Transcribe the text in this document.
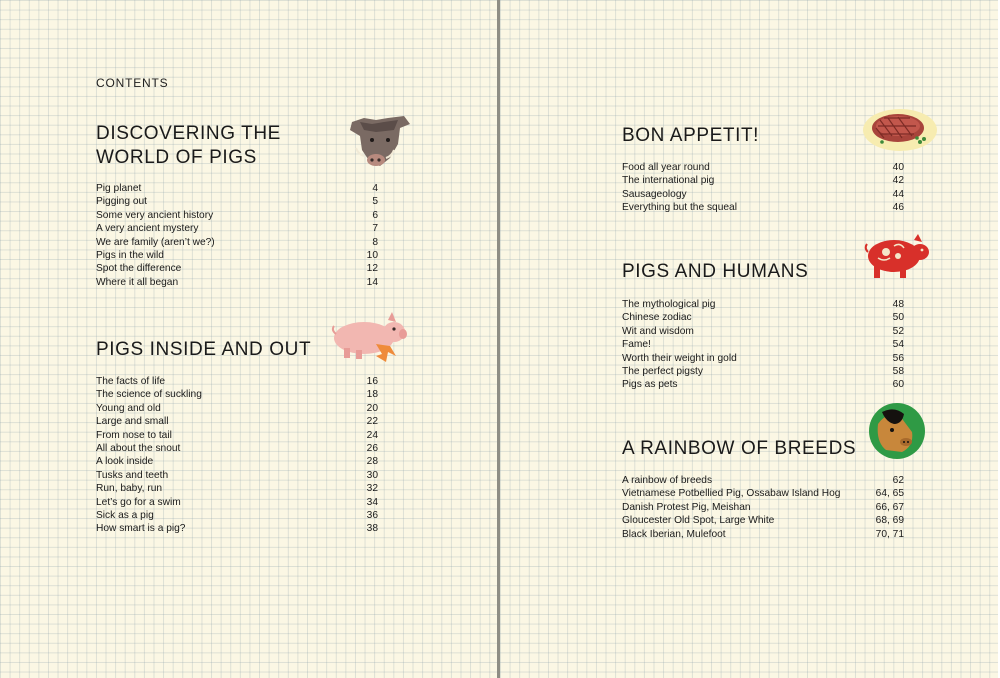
CONTENTS
DISCOVERING THE
WORLD OF PIGS
Pig planet	4
Pigging out	5
Some very ancient history	6
A very ancient mystery	7
We are family (aren’t we?)	8
Pigs in the wild	10
Spot the difference	12
Where it all began	14
PIGS INSIDE AND OUT
The facts of life	16
The science of suckling	18
Young and old	20
Large and small	22
From nose to tail	24
All about the snout	26
A look inside	28
Tusks and teeth	30
Run, baby, run	32
Let’s go for a swim	34
Sick as a pig	36
How smart is a pig?	38
BON APPETIT!
Food all year round	40
The international pig	42
Sausageology	44
Everything but the squeal	46
PIGS AND HUMANS
The mythological pig	48
Chinese zodiac	50
Wit and wisdom	52
Fame!	54
Worth their weight in gold	56
The perfect pigsty	58
Pigs as pets	60
A RAINBOW OF BREEDS
A rainbow of breeds	62
Vietnamese Potbellied Pig, Ossabaw Island Hog	64, 65
Danish Protest Pig, Meishan	66, 67
Gloucester Old Spot, Large White	68, 69
Black Iberian, Mulefoot	70, 71
